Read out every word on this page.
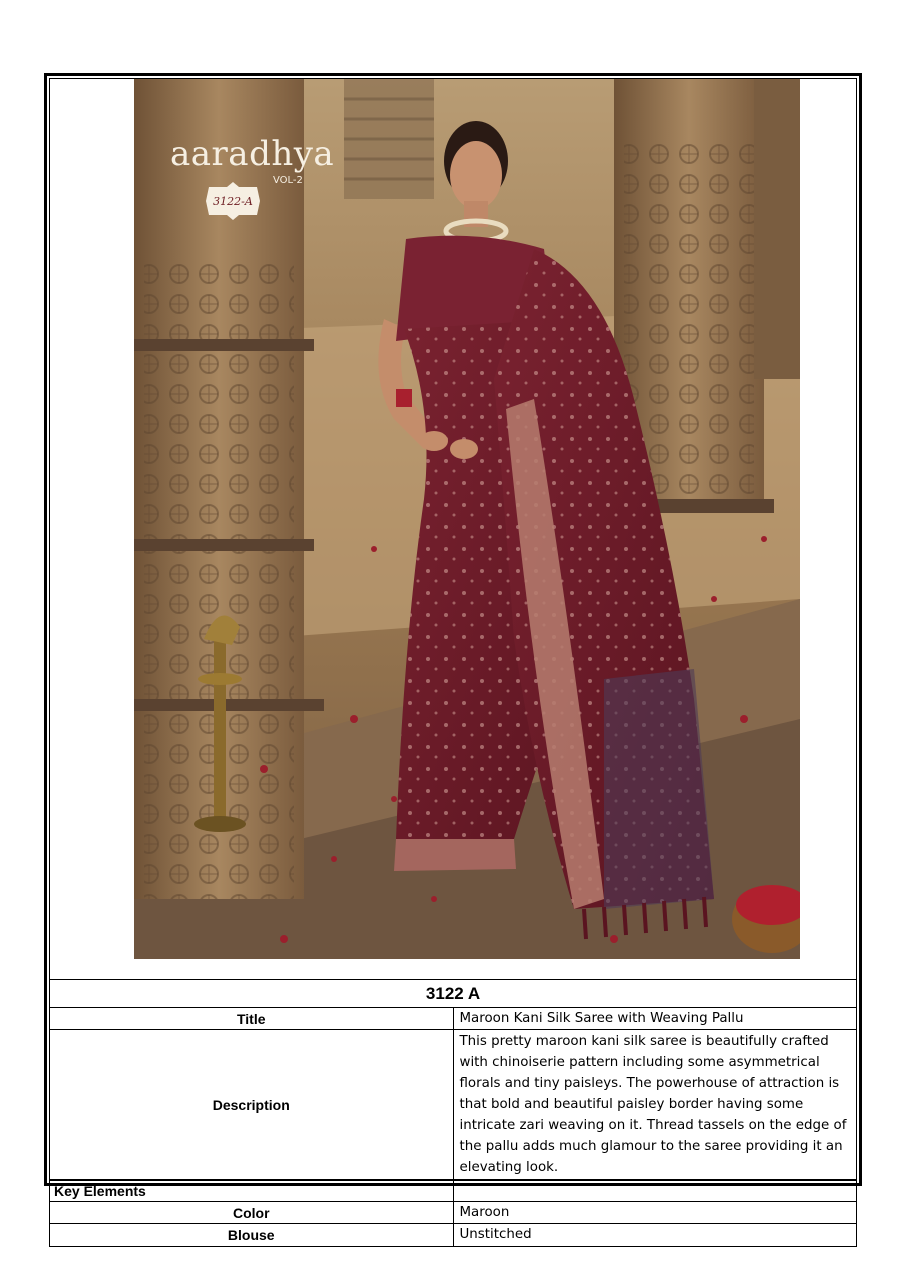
aaradhya
VOL-2
3122-A
3122 A	
Title	Maroon Kani Silk Saree with Weaving Pallu
Description	This pretty maroon kani silk saree is beautifully crafted with chinoiserie pattern including some asymmetrical florals and tiny paisleys. The powerhouse of attraction is that bold and beautiful paisley border having some intricate zari weaving on it. Thread tassels on the edge of the pallu adds much glamour to the saree providing it an elevating look.
Key Elements	
Color	Maroon
Blouse	Unstitched
